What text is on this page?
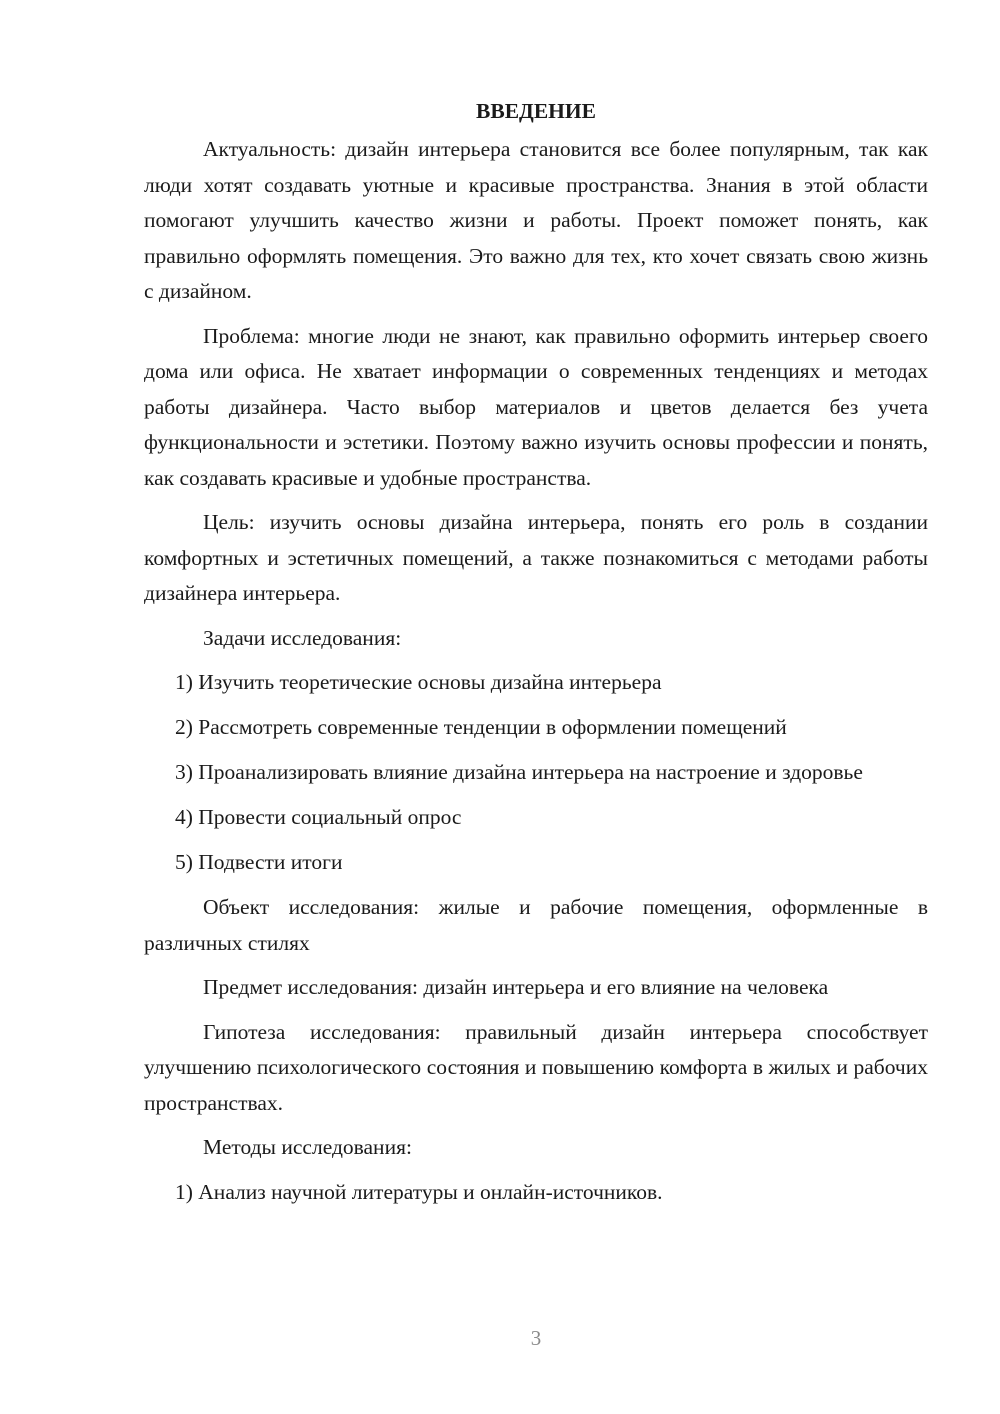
ВВЕДЕНИЕ

Актуальность: дизайн интерьера становится все более популярным, так как люди хотят создавать уютные и красивые пространства. Знания в этой области помогают улучшить качество жизни и работы. Проект поможет понять, как правильно оформлять помещения. Это важно для тех, кто хочет связать свою жизнь с дизайном.

Проблема: многие люди не знают, как правильно оформить интерьер своего дома или офиса. Не хватает информации о современных тенденциях и методах работы дизайнера. Часто выбор материалов и цветов делается без учета функциональности и эстетики. Поэтому важно изучить основы профессии и понять, как создавать красивые и удобные пространства.

Цель: изучить основы дизайна интерьера, понять его роль в создании комфортных и эстетичных помещений, а также познакомиться с методами работы дизайнера интерьера.

Задачи исследования:

1) Изучить теоретические основы дизайна интерьера

2) Рассмотреть современные тенденции в оформлении помещений

3) Проанализировать влияние дизайна интерьера на настроение и здоровье

4) Провести социальный опрос

5) Подвести итоги

Объект исследования: жилые и рабочие помещения, оформленные в различных стилях

Предмет исследования: дизайн интерьера и его влияние на человека

Гипотеза исследования: правильный дизайн интерьера способствует улучшению психологического состояния и повышению комфорта в жилых и рабочих пространствах.

Методы исследования:

1) Анализ научной литературы и онлайн-источников.

3
